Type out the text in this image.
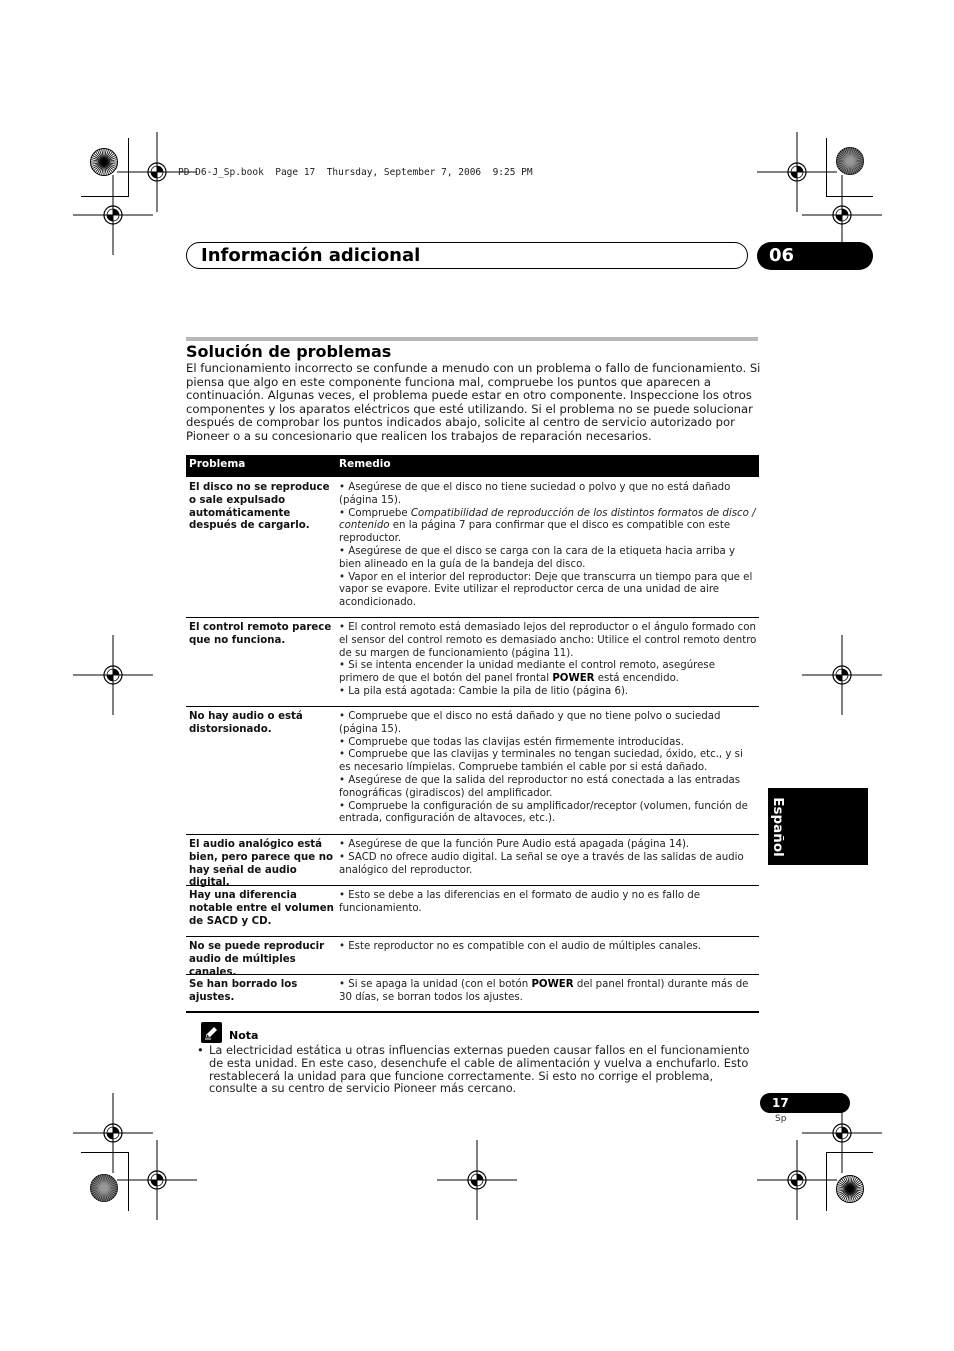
PD-D6-J_Sp.book  Page 17  Thursday, September 7, 2006  9:25 PM
Información adicional	06
Solución de problemas
El funcionamiento incorrecto se confunde a menudo con un problema o fallo de funcionamiento. Si piensa que algo en este componente funciona mal, compruebe los puntos que aparecen a continuación. Algunas veces, el problema puede estar en otro componente. Inspeccione los otros componentes y los aparatos eléctricos que esté utilizando. Si el problema no se puede solucionar después de comprobar los puntos indicados abajo, solicite al centro de servicio autorizado por Pioneer o a su concesionario que realicen los trabajos de reparación necesarios.
Problema	Remedio
El disco no se reproduce o sale expulsado automáticamente después de cargarlo.

• Asegúrese de que el disco no tiene suciedad o polvo y que no está dañado (página 15).

• Compruebe Compatibilidad de reproducción de los distintos formatos de disco / contenido en la página 7 para confirmar que el disco es compatible con este reproductor.

• Asegúrese de que el disco se carga con la cara de la etiqueta hacia arriba y bien alineado en la guía de la bandeja del disco.

• Vapor en el interior del reproductor: Deje que transcurra un tiempo para que el vapor se evapore. Evite utilizar el reproductor cerca de una unidad de aire acondicionado.

El control remoto parece que no funciona.

• El control remoto está demasiado lejos del reproductor o el ángulo formado con el sensor del control remoto es demasiado ancho: Utilice el control remoto dentro de su margen de funcionamiento (página 11).

• Si se intenta encender la unidad mediante el control remoto, asegúrese primero de que el botón del panel frontal POWER está encendido.

• La pila está agotada: Cambie la pila de litio (página 6).

No hay audio o está distorsionado.

• Compruebe que el disco no está dañado y que no tiene polvo o suciedad (página 15).

• Compruebe que todas las clavijas estén firmemente introducidas.

• Compruebe que las clavijas y terminales no tengan suciedad, óxido, etc., y si es necesario límpielas. Compruebe también el cable por si está dañado.

• Asegúrese de que la salida del reproductor no está conectada a las entradas fonográficas (giradiscos) del amplificador.

• Compruebe la configuración de su amplificador/receptor (volumen, función de entrada, configuración de altavoces, etc.).

El audio analógico está bien, pero parece que no hay señal de audio digital.

• Asegúrese de que la función Pure Audio está apagada (página 14).

• SACD no ofrece audio digital. La señal se oye a través de las salidas de audio analógico del reproductor.

Hay una diferencia notable entre el volumen de SACD y CD.

• Esto se debe a las diferencias en el formato de audio y no es fallo de funcionamiento.

No se puede reproducir audio de múltiples canales.

• Este reproductor no es compatible con el audio de múltiples canales.

Se han borrado los ajustes.

• Si se apaga la unidad (con el botón POWER del panel frontal) durante más de 30 días, se borran todos los ajustes.

Nota
• La electricidad estática u otras influencias externas pueden causar fallos en el funcionamiento de esta unidad. En este caso, desenchufe el cable de alimentación y vuelva a enchufarlo. Esto restablecerá la unidad para que funcione correctamente. Si esto no corrige el problema, consulte a su centro de servicio Pioneer más cercano.
Español
17
Sp
